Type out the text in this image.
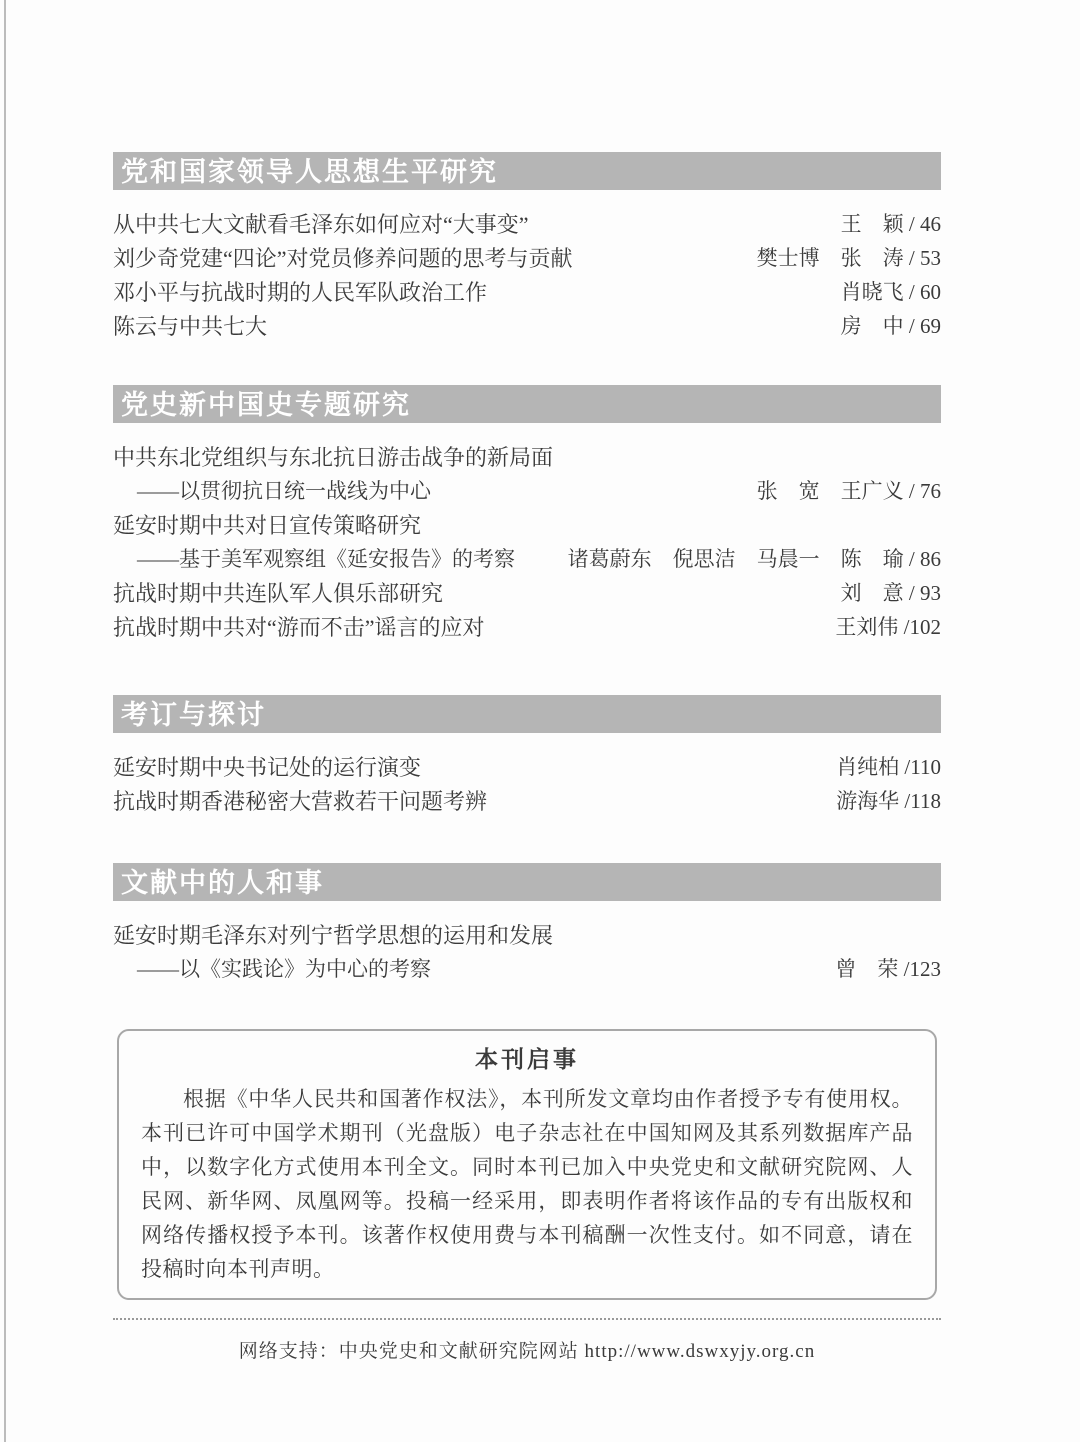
党和国家领导人思想生平研究
从中共七大文献看毛泽东如何应对“大事变”	王　颖 / 46
刘少奇党建“四论”对党员修养问题的思考与贡献	樊士博　张　涛 / 53
邓小平与抗战时期的人民军队政治工作	肖晓飞 / 60
陈云与中共七大	房　中 / 69
党史新中国史专题研究
中共东北党组织与东北抗日游击战争的新局面
——以贯彻抗日统一战线为中心	张　宽　王广义 / 76
延安时期中共对日宣传策略研究
——基于美军观察组《延安报告》的考察	诸葛蔚东　倪思洁　马晨一　陈　瑜 / 86
抗战时期中共连队军人俱乐部研究	刘　意 / 93
抗战时期中共对“游而不击”谣言的应对	王刘伟 /102
考订与探讨
延安时期中央书记处的运行演变	肖纯柏 /110
抗战时期香港秘密大营救若干问题考辨	游海华 /118
文献中的人和事
延安时期毛泽东对列宁哲学思想的运用和发展
——以《实践论》为中心的考察	曾　荣 /123
本刊启事

根据《中华人民共和国著作权法》，本刊所发文章均由作者授予专有使用权。本刊已许可中国学术期刊（光盘版）电子杂志社在中国知网及其系列数据库产品中，以数字化方式使用本刊全文。同时本刊已加入中央党史和文献研究院网、人民网、新华网、凤凰网等。投稿一经采用，即表明作者将该作品的专有出版权和网络传播权授予本刊。该著作权使用费与本刊稿酬一次性支付。如不同意，请在投稿时向本刊声明。

网络支持：中央党史和文献研究院网站 http://www.dswxyjy.org.cn
